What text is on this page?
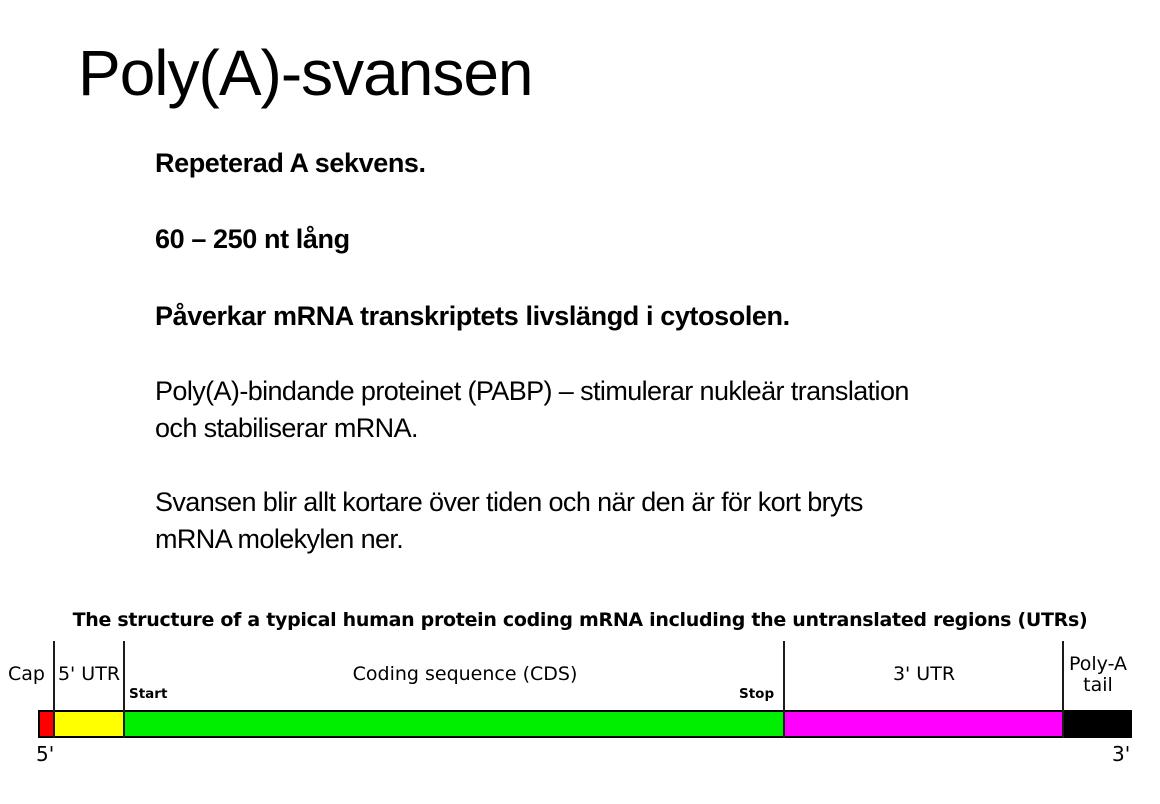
Poly(A)-svansen
Repeterad A sekvens.
60 – 250 nt lång
Påverkar mRNA transkriptets livslängd i cytosolen.
Poly(A)-bindande proteinet (PABP) – stimulerar nukleär translation
och stabiliserar mRNA.
Svansen blir allt kortare över tiden och när den är för kort bryts
mRNA molekylen ner.
The structure of a typical human protein coding mRNA including the untranslated regions (UTRs)
Cap 5' UTR
Start
Coding sequence (CDS)
Stop
3' UTR	Poly-A
tail
5'	3'
